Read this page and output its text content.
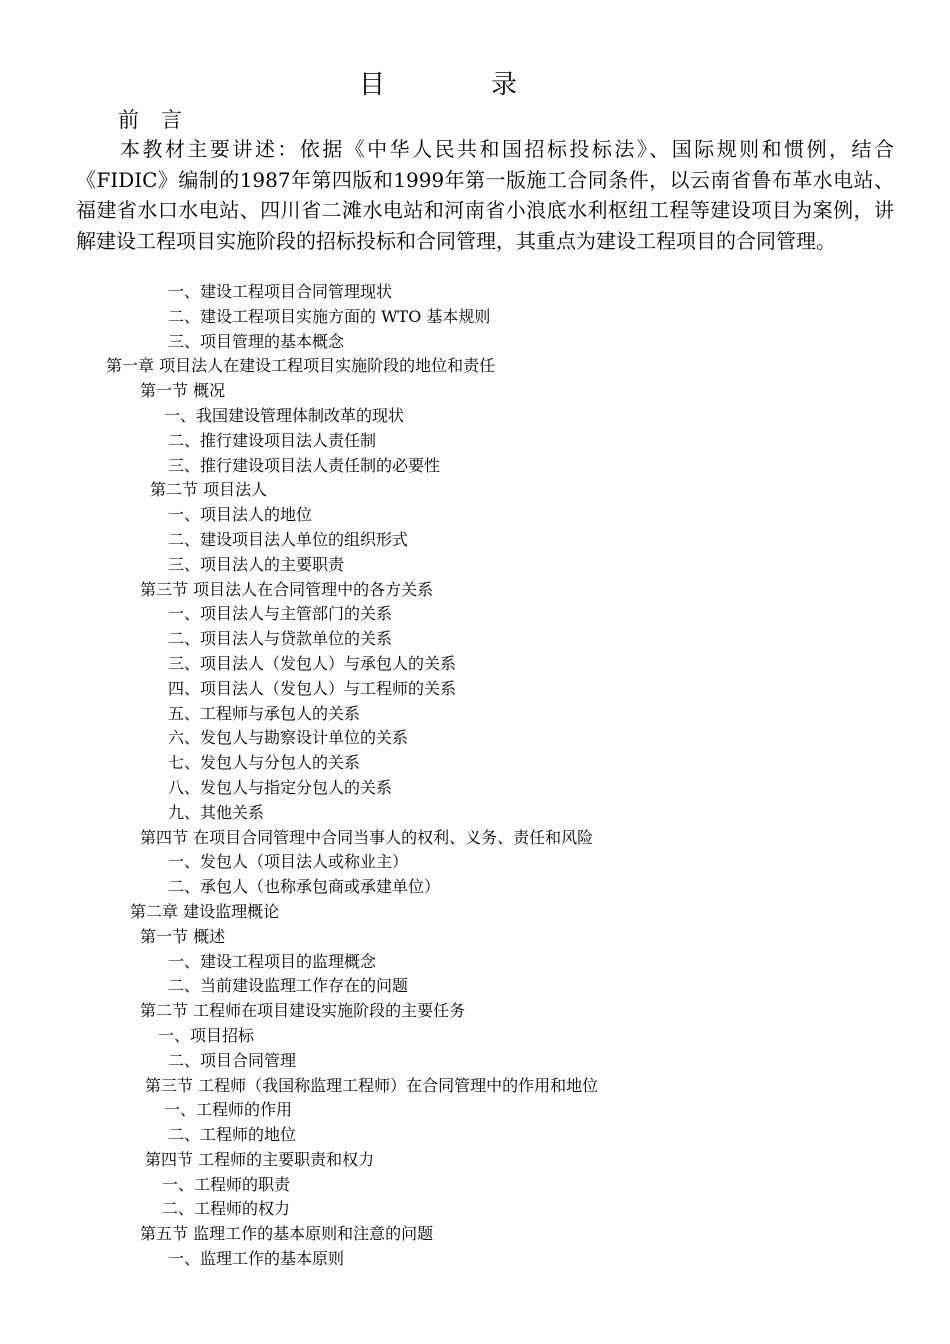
目　录
前言

本教材主要讲述：依据《中华人民共和国招标投标法》、国际规则和惯例，结合《FIDIC》编制的1987年第四版和1999年第一版施工合同条件，以云南省鲁布革水电站、福建省水口水电站、四川省二滩水电站和河南省小浪底水利枢纽工程等建设项目为案例，讲解建设工程项目实施阶段的招标投标和合同管理，其重点为建设工程项目的合同管理。

一、建设工程项目合同管理现状
二、建设工程项目实施方面的 WTO 基本规则
三、项目管理的基本概念
第一章 项目法人在建设工程项目实施阶段的地位和责任
第一节 概况
一、我国建设管理体制改革的现状
二、推行建设项目法人责任制
三、推行建设项目法人责任制的必要性
第二节 项目法人
一、项目法人的地位
二、建设项目法人单位的组织形式
三、项目法人的主要职责
第三节 项目法人在合同管理中的各方关系
一、项目法人与主管部门的关系
二、项目法人与贷款单位的关系
三、项目法人（发包人）与承包人的关系
四、项目法人（发包人）与工程师的关系
五、工程师与承包人的关系
六、发包人与勘察设计单位的关系
七、发包人与分包人的关系
八、发包人与指定分包人的关系
九、其他关系
第四节 在项目合同管理中合同当事人的权利、义务、责任和风险
一、发包人（项目法人或称业主）
二、承包人（也称承包商或承建单位）
第二章 建设监理概论
第一节 概述
一、建设工程项目的监理概念
二、当前建设监理工作存在的问题
第二节 工程师在项目建设实施阶段的主要任务
一、项目招标
二、项目合同管理
第三节 工程师（我国称监理工程师）在合同管理中的作用和地位
一、工程师的作用
二、工程师的地位
第四节 工程师的主要职责和权力
一、工程师的职责
二、工程师的权力
第五节 监理工作的基本原则和注意的问题
一、监理工作的基本原则
